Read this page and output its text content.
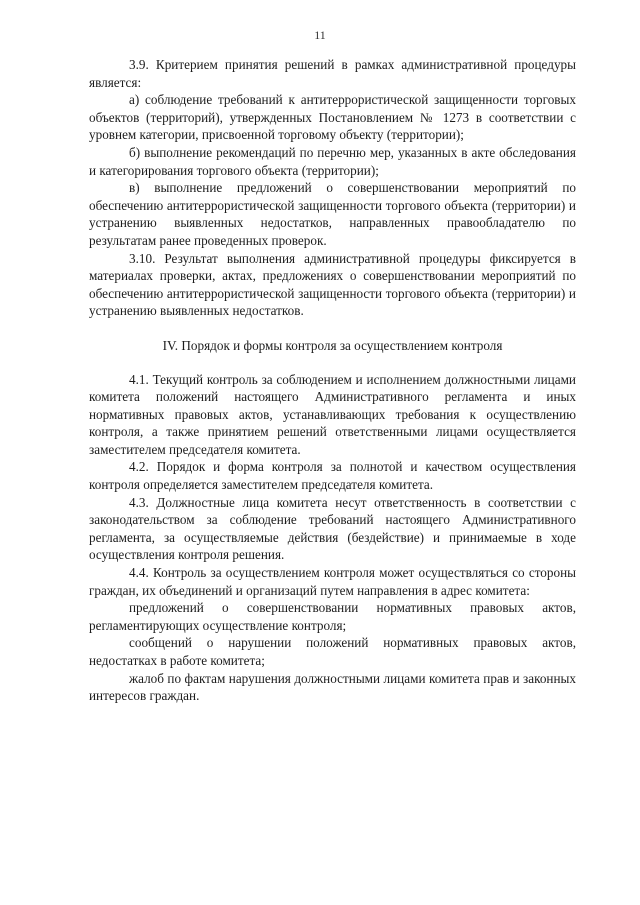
11

3.9. Критерием принятия решений в рамках административной процедуры является:

а) соблюдение требований к антитеррористической защищенности торговых объектов (территорий), утвержденных Постановлением № 1273 в соответствии с уровнем категории, присвоенной торговому объекту (территории);

б) выполнение рекомендаций по перечню мер, указанных в акте обследования и категорирования торгового объекта (территории);

в) выполнение предложений о совершенствовании мероприятий по обеспечению антитеррористической защищенности торгового объекта (территории) и устранению выявленных недостатков, направленных правообладателю по результатам ранее проведенных проверок.

3.10. Результат выполнения административной процедуры фиксируется в материалах проверки, актах, предложениях о совершенствовании мероприятий по обеспечению антитеррористической защищенности торгового объекта (территории) и устранению выявленных недостатков.

IV. Порядок и формы контроля за осуществлением контроля

4.1. Текущий контроль за соблюдением и исполнением должностными лицами комитета положений настоящего Административного регламента и иных нормативных правовых актов, устанавливающих требования к осуществлению контроля, а также принятием решений ответственными лицами осуществляется заместителем председателя комитета.

4.2. Порядок и форма контроля за полнотой и качеством осуществления контроля определяется заместителем председателя комитета.

4.3. Должностные лица комитета несут ответственность в соответствии с законодательством за соблюдение требований настоящего Административного регламента, за осуществляемые действия (бездействие) и принимаемые в ходе осуществления контроля решения.

4.4. Контроль за осуществлением контроля может осуществляться со стороны граждан, их объединений и организаций путем направления в адрес комитета:

предложений о совершенствовании нормативных правовых актов, регламентирующих осуществление контроля;

сообщений о нарушении положений нормативных правовых актов, недостатках в работе комитета;

жалоб по фактам нарушения должностными лицами комитета прав и законных интересов граждан.
